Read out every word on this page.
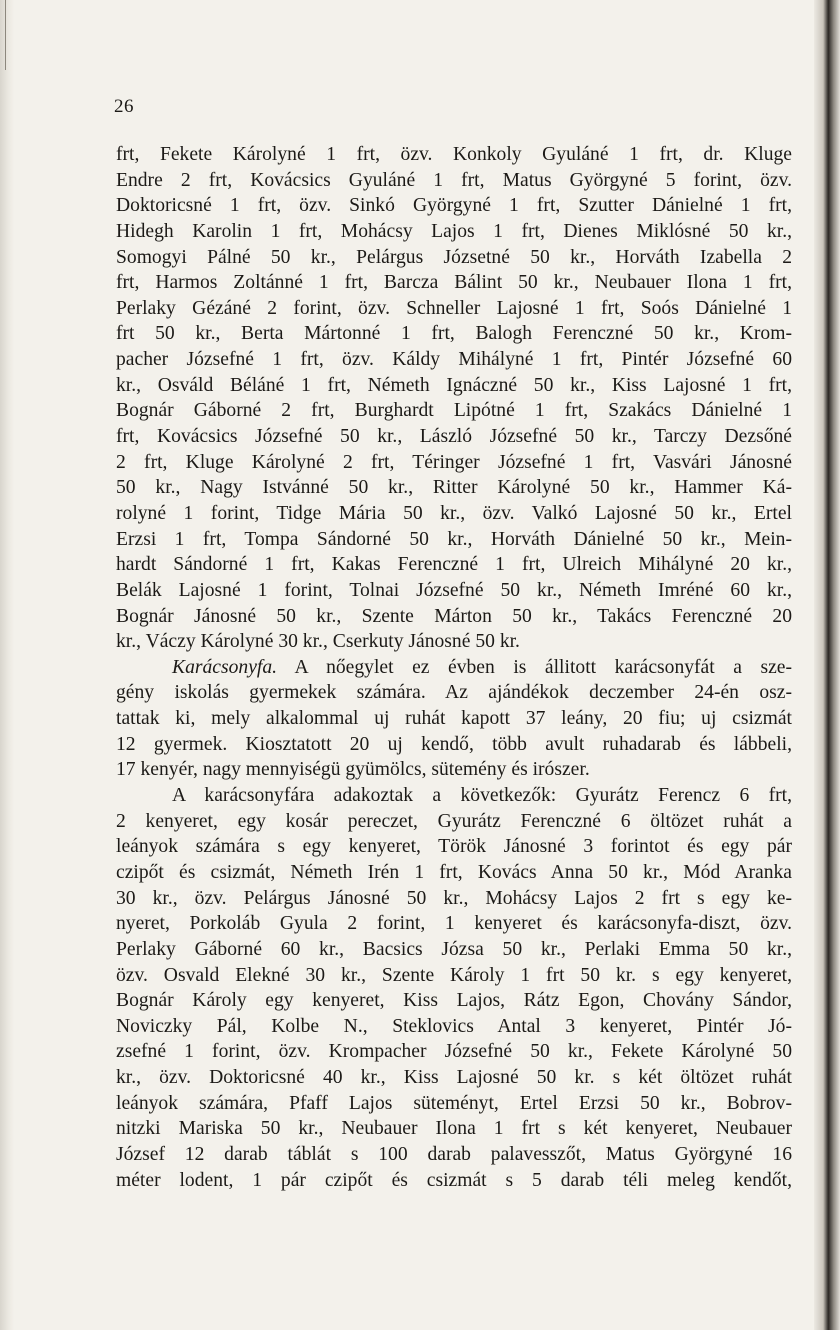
26
frt, Fekete Károlyné 1 frt, özv. Konkoly Gyuláné 1 frt, dr. Kluge
Endre 2 frt, Kovácsics Gyuláné 1 frt, Matus Györgyné 5 forint, özv.
Doktoricsné 1 frt, özv. Sinkó Györgyné 1 frt, Szutter Dánielné 1 frt,
Hidegh Karolin 1 frt, Mohácsy Lajos 1 frt, Dienes Miklósné 50 kr.,
Somogyi Pálné 50 kr., Pelárgus Józsetné 50 kr., Horváth Izabella 2
frt, Harmos Zoltánné 1 frt, Barcza Bálint 50 kr., Neubauer Ilona 1 frt,
Perlaky Gézáné 2 forint, özv. Schneller Lajosné 1 frt, Soós Dánielné 1
frt 50 kr., Berta Mártonné 1 frt, Balogh Ferenczné 50 kr., Krom-
pacher Józsefné 1 frt, özv. Káldy Mihályné 1 frt, Pintér Józsefné 60
kr., Osváld Béláné 1 frt, Németh Ignáczné 50 kr., Kiss Lajosné 1 frt,
Bognár Gáborné 2 frt, Burghardt Lipótné 1 frt, Szakács Dánielné 1
frt, Kovácsics Józsefné 50 kr., László Józsefné 50 kr., Tarczy Dezsőné
2 frt, Kluge Károlyné 2 frt, Téringer Józsefné 1 frt, Vasvári Jánosné
50 kr., Nagy Istvánné 50 kr., Ritter Károlyné 50 kr., Hammer Ká-
rolyné 1 forint, Tidge Mária 50 kr., özv. Valkó Lajosné 50 kr., Ertel
Erzsi 1 frt, Tompa Sándorné 50 kr., Horváth Dánielné 50 kr., Mein-
hardt Sándorné 1 frt, Kakas Ferenczné 1 frt, Ulreich Mihályné 20 kr.,
Belák Lajosné 1 forint, Tolnai Józsefné 50 kr., Németh Imréné 60 kr.,
Bognár Jánosné 50 kr., Szente Márton 50 kr., Takács Ferenczné 20
kr., Váczy Károlyné 30 kr., Cserkuty Jánosné 50 kr.
Karácsonyfa. A nőegylet ez évben is állitott karácsonyfát a sze-
gény iskolás gyermekek számára. Az ajándékok deczember 24-én osz-
tattak ki, mely alkalommal uj ruhát kapott 37 leány, 20 fiu; uj csizmát
12 gyermek. Kiosztatott 20 uj kendő, több avult ruhadarab és lábbeli,
17 kenyér, nagy mennyiségü gyümölcs, sütemény és irószer.
A karácsonyfára adakoztak a következők: Gyurátz Ferencz 6 frt,
2 kenyeret, egy kosár pereczet, Gyurátz Ferenczné 6 öltözet ruhát a
leányok számára s egy kenyeret, Török Jánosné 3 forintot és egy pár
czipőt és csizmát, Németh Irén 1 frt, Kovács Anna 50 kr., Mód Aranka
30 kr., özv. Pelárgus Jánosné 50 kr., Mohácsy Lajos 2 frt s egy ke-
nyeret, Porkoláb Gyula 2 forint, 1 kenyeret és karácsonyfa-diszt, özv.
Perlaky Gáborné 60 kr., Bacsics Józsa 50 kr., Perlaki Emma 50 kr.,
özv. Osvald Elekné 30 kr., Szente Károly 1 frt 50 kr. s egy kenyeret,
Bognár Károly egy kenyeret, Kiss Lajos, Rátz Egon, Chovány Sándor,
Noviczky Pál, Kolbe N., Steklovics Antal 3 kenyeret, Pintér Jó-
zsefné 1 forint, özv. Krompacher Józsefné 50 kr., Fekete Károlyné 50
kr., özv. Doktoricsné 40 kr., Kiss Lajosné 50 kr. s két öltözet ruhát
leányok számára, Pfaff Lajos süteményt, Ertel Erzsi 50 kr., Bobrov-
nitzki Mariska 50 kr., Neubauer Ilona 1 frt s két kenyeret, Neubauer
József 12 darab táblát s 100 darab palavesszőt, Matus Györgyné 16
méter lodent, 1 pár czipőt és csizmát s 5 darab téli meleg kendőt,
